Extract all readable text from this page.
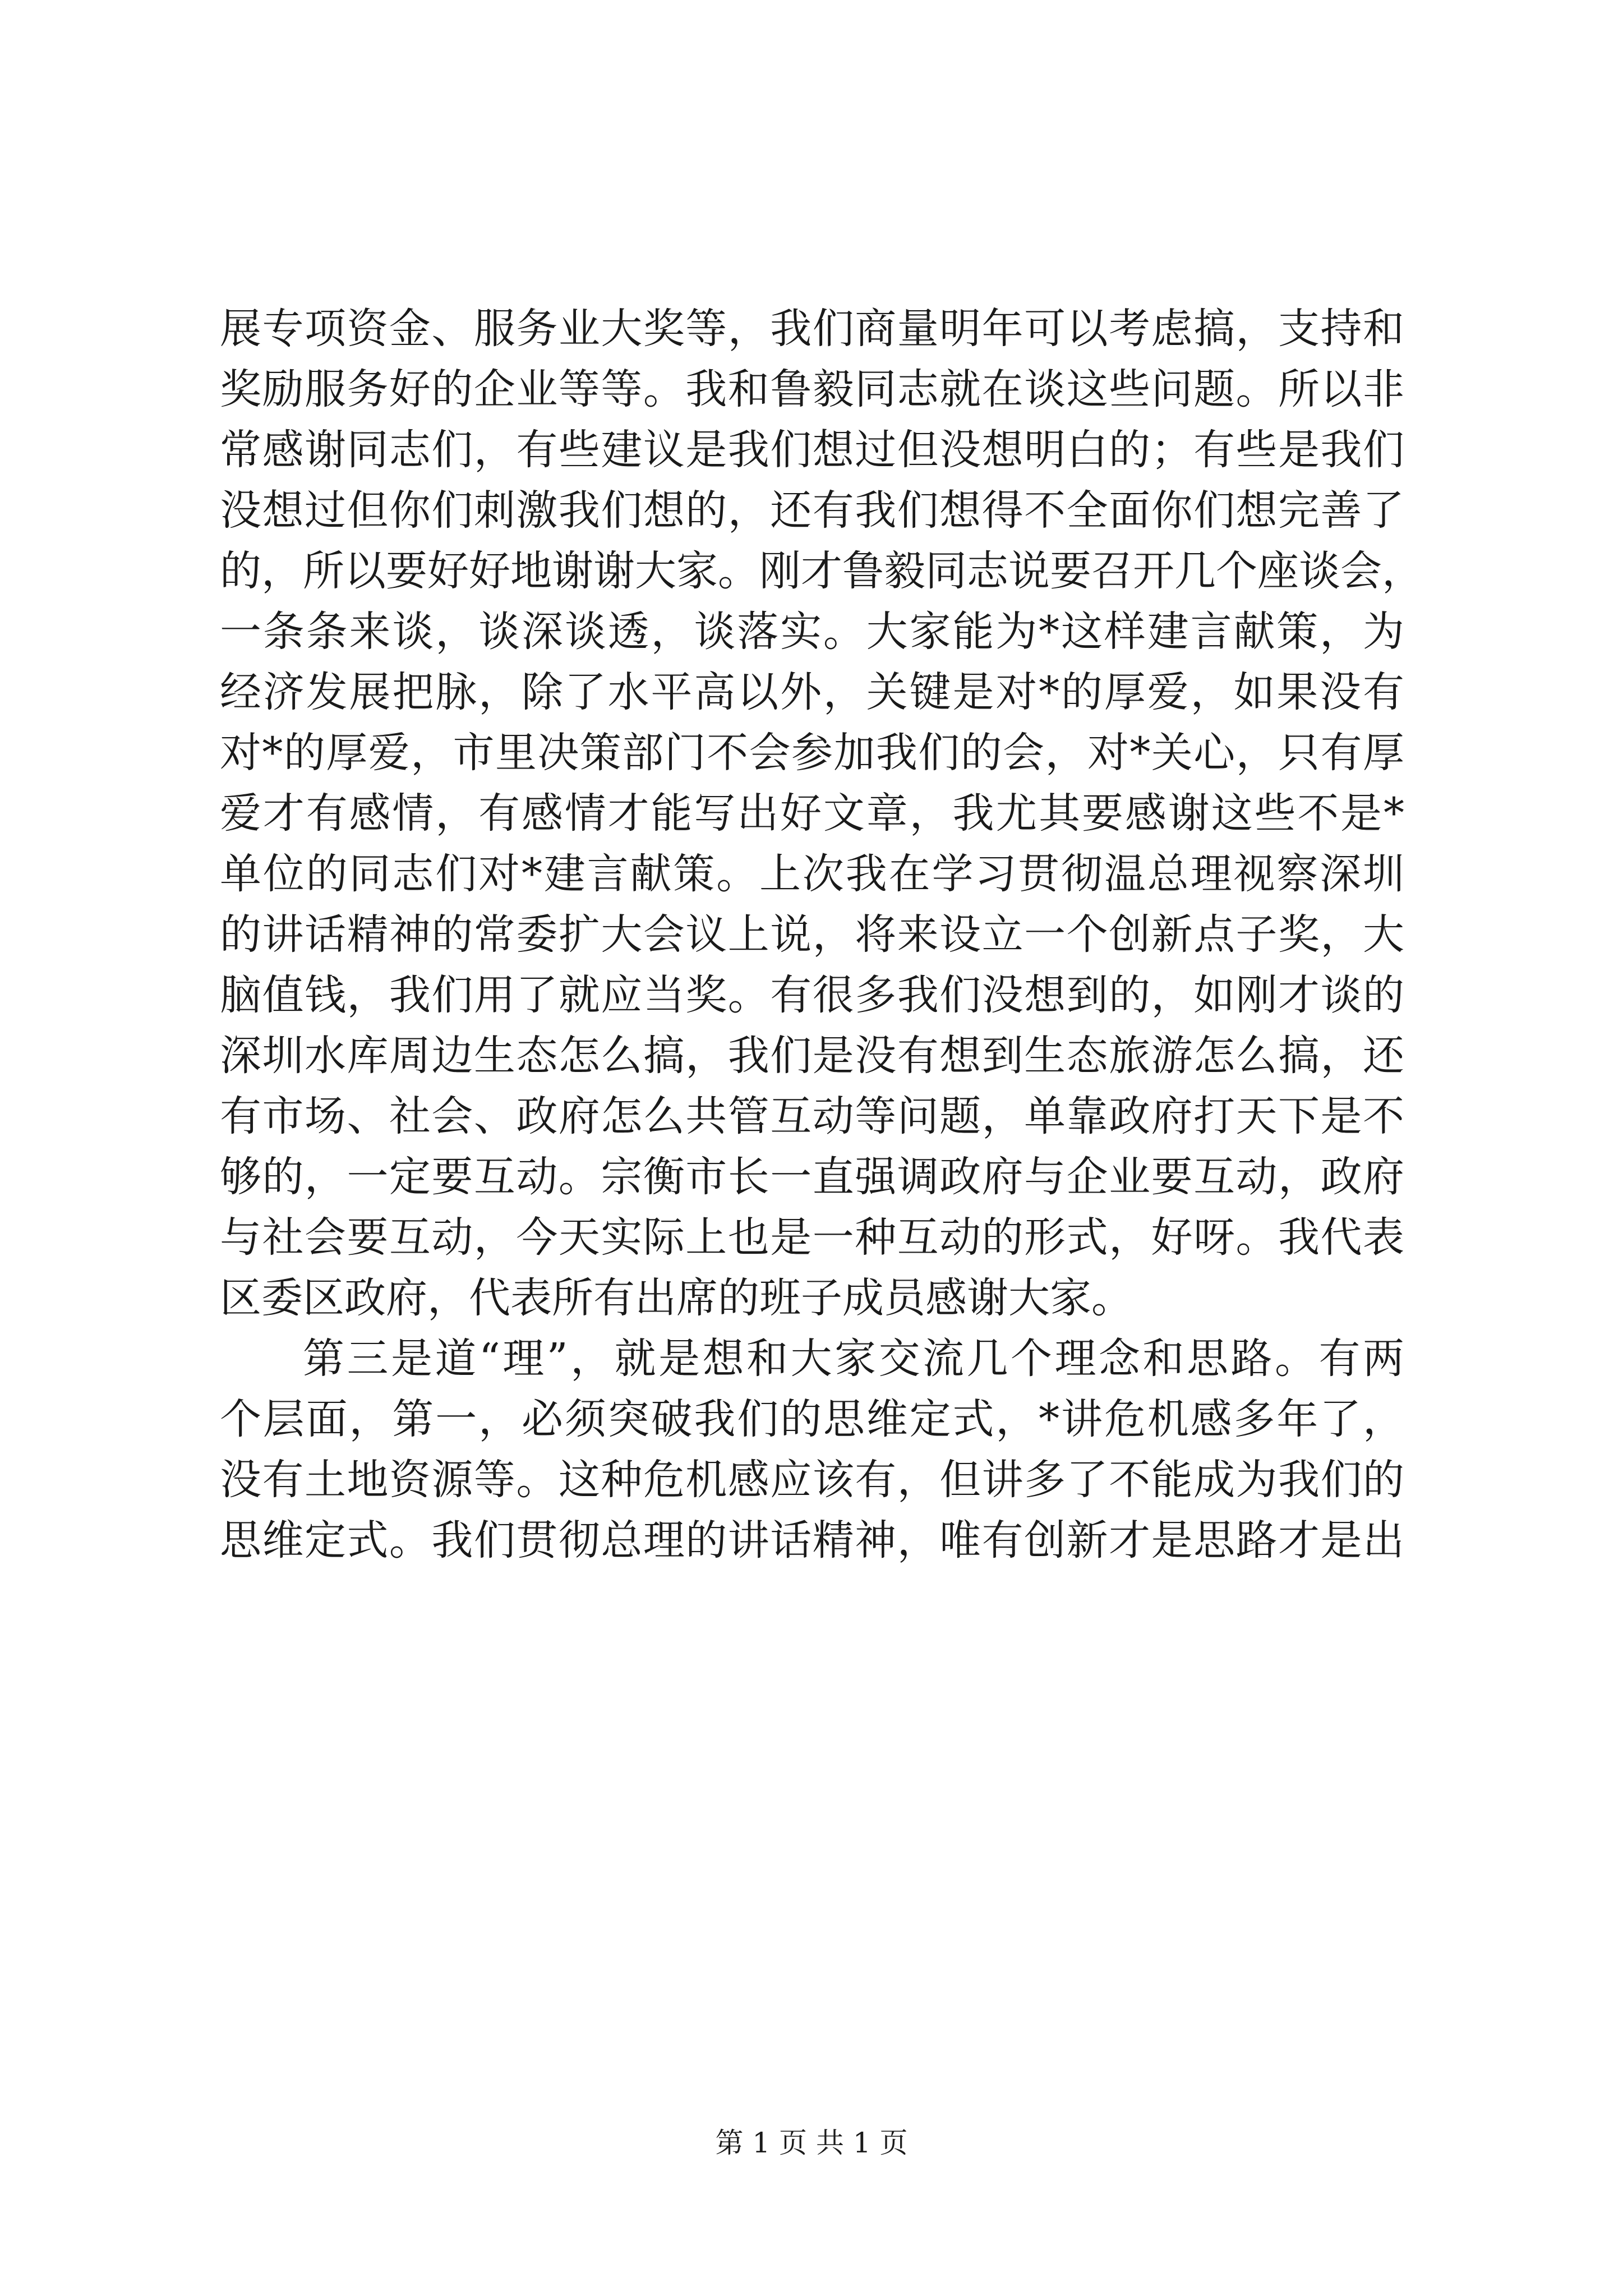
展专项资金、服务业大奖等，我们商量明年可以考虑搞，支持和
奖励服务好的企业等等。我和鲁毅同志就在谈这些问题。所以非
常感谢同志们，有些建议是我们想过但没想明白的；有些是我们
没想过但你们刺激我们想的，还有我们想得不全面你们想完善了
的，所以要好好地谢谢大家。刚才鲁毅同志说要召开几个座谈会，
一条条来谈，谈深谈透，谈落实。大家能为*这样建言献策，为
经济发展把脉，除了水平高以外，关键是对*的厚爱，如果没有
对*的厚爱，市里决策部门不会参加我们的会，对*关心，只有厚
爱才有感情，有感情才能写出好文章，我尤其要感谢这些不是*
单位的同志们对*建言献策。上次我在学习贯彻温总理视察深圳
的讲话精神的常委扩大会议上说，将来设立一个创新点子奖，大
脑值钱，我们用了就应当奖。有很多我们没想到的，如刚才谈的
深圳水库周边生态怎么搞，我们是没有想到生态旅游怎么搞，还
有市场、社会、政府怎么共管互动等问题，单靠政府打天下是不
够的，一定要互动。宗衡市长一直强调政府与企业要互动，政府
与社会要互动，今天实际上也是一种互动的形式，好呀。我代表
区委区政府，代表所有出席的班子成员感谢大家。
第三是道“理”，就是想和大家交流几个理念和思路。有两
个层面，第一，必须突破我们的思维定式，*讲危机感多年了，
没有土地资源等。这种危机感应该有，但讲多了不能成为我们的
思维定式。我们贯彻总理的讲话精神，唯有创新才是思路才是出
第 1 页 共 1 页
